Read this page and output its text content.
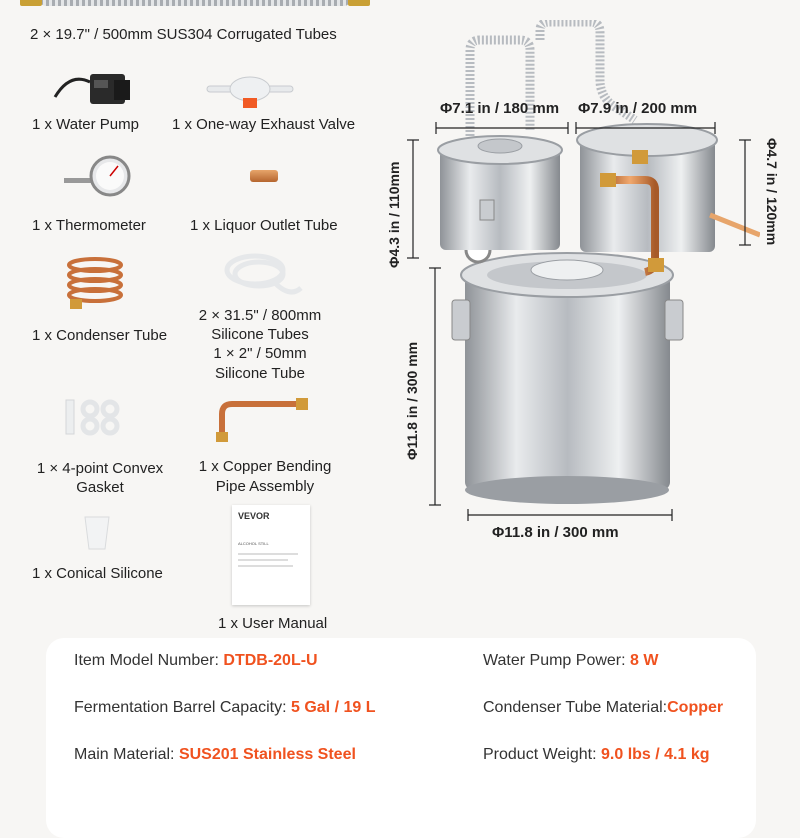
2 × 19.7" / 500mm SUS304 Corrugated Tubes
1 x Water Pump 1 x One-way Exhaust Valve
1 x Thermometer	1 x Liquor Outlet Tube
1 x Condenser Tube
2 × 31.5" / 800mm
Silicone Tubes
1 × 2" / 50mm
Silicone Tube
1 × 4-point Convex
Gasket
1 x Copper Bending
Pipe Assembly
1 x Conical Silicone
VEVOR
ALCOHOL STILL
1 x User Manual
Φ7.1 in / 180 mm Φ7.9 in / 200 mm
Φ4.3 in / 110mm	Φ4.7 in / 120mm
Φ11.8 in / 300 mm
Φ11.8 in / 300 mm
Item Model Number: DTDB-20L-U	Water Pump Power: 8 W
Fermentation Barrel Capacity: 5 Gal / 19 L	Condenser Tube Material:Copper
Main Material: SUS201 Stainless Steel	Product Weight: 9.0 lbs / 4.1 kg
